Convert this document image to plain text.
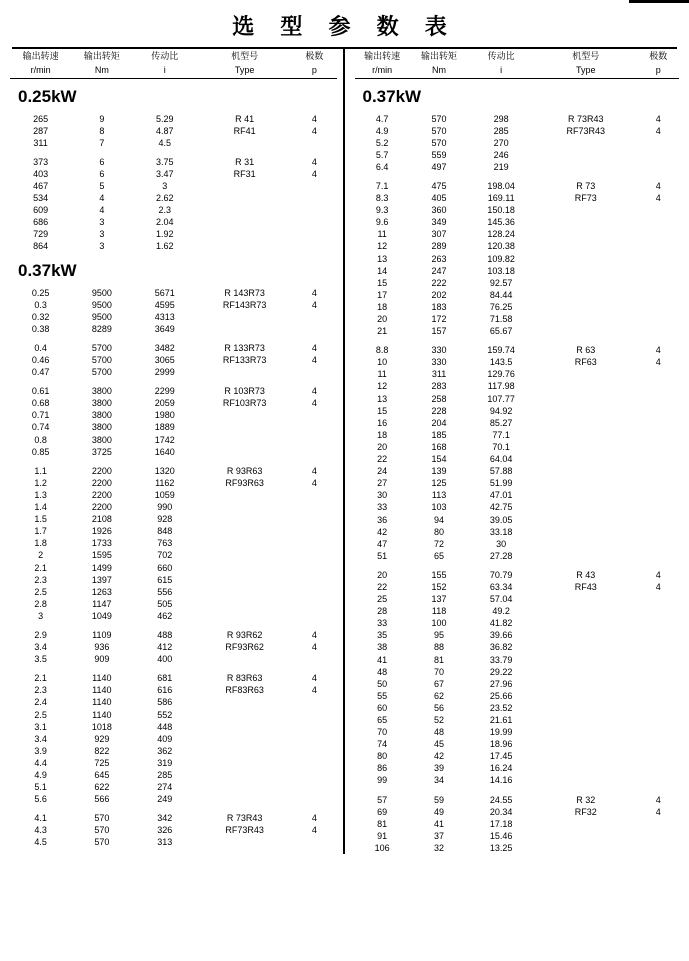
选 型 参 数 表
输出转速	输出转矩	传动比	机型号	极数
r/min	Nm	i	Type	p
0.25kW
265	9	5.29	R 41	4
287	8	4.87	RF41	4
311	7	4.5		

373	6	3.75	R 31	4
403	6	3.47	RF31	4
467	5	3		
534	4	2.62		
609	4	2.3		
686	3	2.04		
729	3	1.92		
864	3	1.62		
0.37kW
0.25	9500	5671	R 143R73	4
0.3	9500	4595	RF143R73	4
0.32	9500	4313		
0.38	8289	3649		

0.4	5700	3482	R 133R73	4
0.46	5700	3065	RF133R73	4
0.47	5700	2999		

0.61	3800	2299	R 103R73	4
0.68	3800	2059	RF103R73	4
0.71	3800	1980		
0.74	3800	1889		
0.8	3800	1742		
0.85	3725	1640		

1.1	2200	1320	R 93R63	4
1.2	2200	1162	RF93R63	4
1.3	2200	1059		
1.4	2200	990		
1.5	2108	928		
1.7	1926	848		
1.8	1733	763		
2	1595	702		
2.1	1499	660		
2.3	1397	615		
2.5	1263	556		
2.8	1147	505		
3	1049	462		

2.9	1109	488	R 93R62	4
3.4	936	412	RF93R62	4
3.5	909	400		

2.1	1140	681	R 83R63	4
2.3	1140	616	RF83R63	4
2.4	1140	586		
2.5	1140	552		
3.1	1018	448		
3.4	929	409		
3.9	822	362		
4.4	725	319		
4.9	645	285		
5.1	622	274		
5.6	566	249		

4.1	570	342	R 73R43	4
4.3	570	326	RF73R43	4
4.5	570	313		
输出转速	输出转矩	传动比	机型号	极数
r/min	Nm	i	Type	p
0.37kW
4.7	570	298	R 73R43	4
4.9	570	285	RF73R43	4
5.2	570	270		
5.7	559	246		
6.4	497	219		

7.1	475	198.04	R 73	4
8.3	405	169.11	RF73	4
9.3	360	150.18		
9.6	349	145.36		
11	307	128.24		
12	289	120.38		
13	263	109.82		
14	247	103.18		
15	222	92.57		
17	202	84.44		
18	183	76.25		
20	172	71.58		
21	157	65.67		

8.8	330	159.74	R 63	4
10	330	143.5	RF63	4
11	311	129.76		
12	283	117.98		
13	258	107.77		
15	228	94.92		
16	204	85.27		
18	185	77.1		
20	168	70.1		
22	154	64.04		
24	139	57.88		
27	125	51.99		
30	113	47.01		
33	103	42.75		
36	94	39.05		
42	80	33.18		
47	72	30		
51	65	27.28		

20	155	70.79	R 43	4
22	152	63.34	RF43	4
25	137	57.04		
28	118	49.2		
33	100	41.82		
35	95	39.66		
38	88	36.82		
41	81	33.79		
48	70	29.22		
50	67	27.96		
55	62	25.66		
60	56	23.52		
65	52	21.61		
70	48	19.99		
74	45	18.96		
80	42	17.45		
86	39	16.24		
99	34	14.16		

57	59	24.55	R 32	4
69	49	20.34	RF32	4
81	41	17.18		
91	37	15.46		
106	32	13.25		
